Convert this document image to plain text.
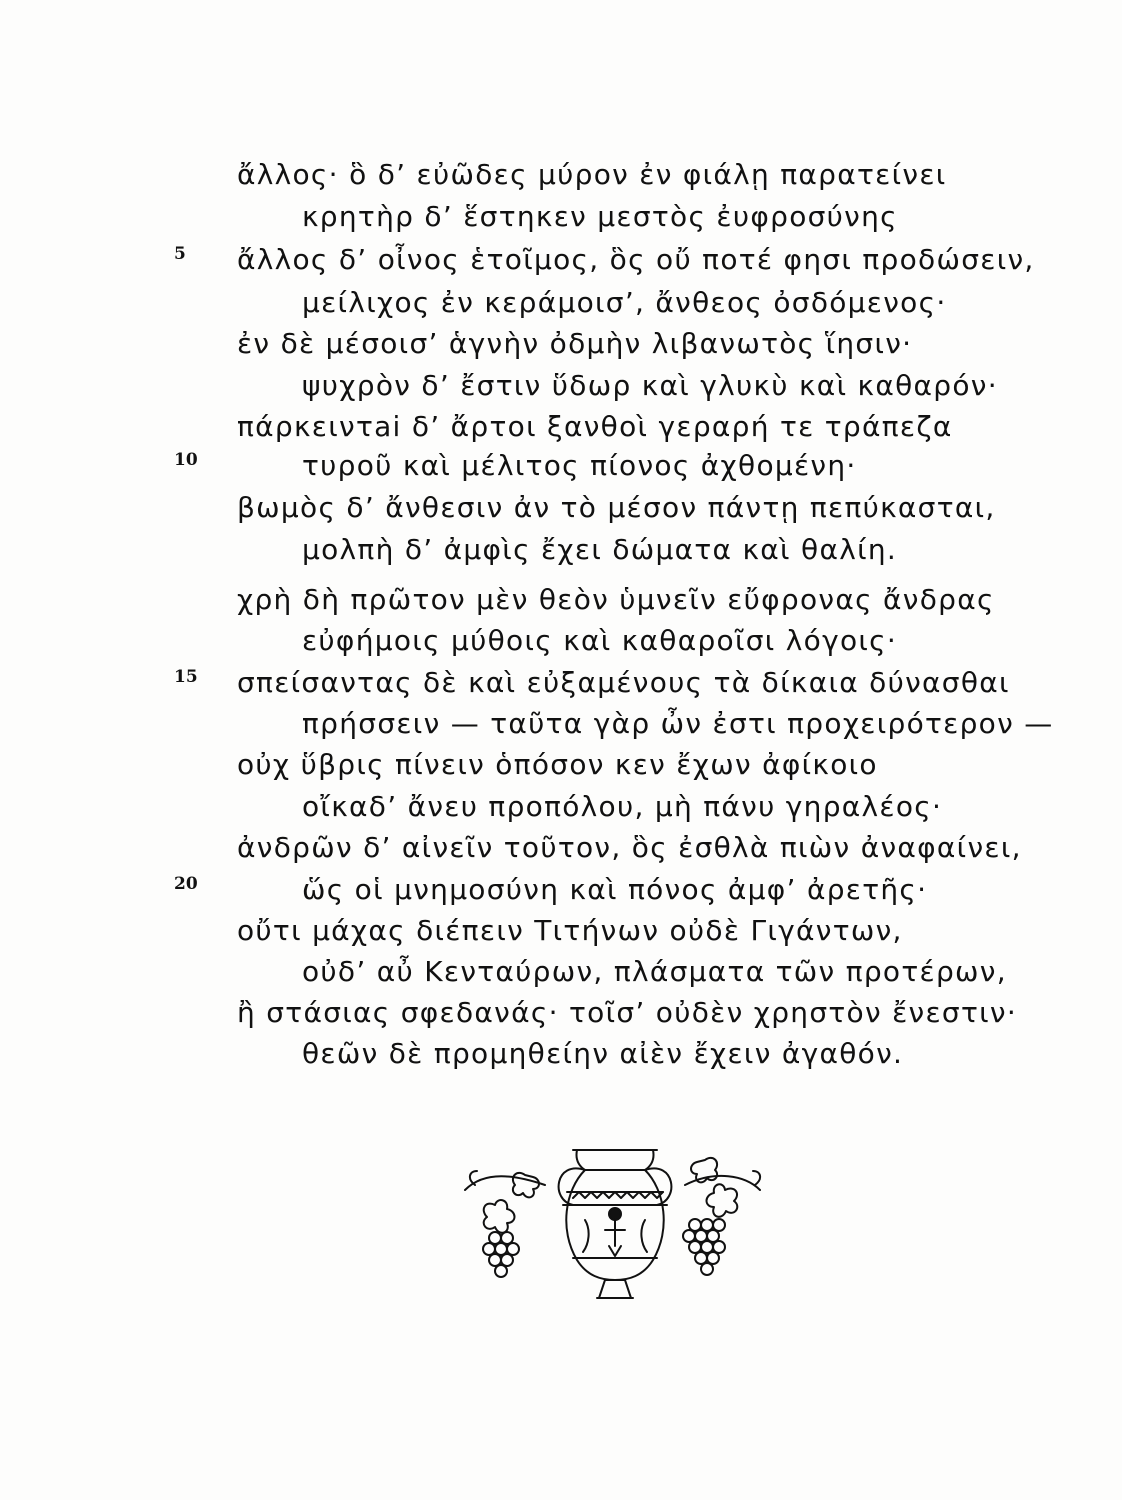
5
10
15
20
ἄλλος· ὃ δ’ εὐῶδες μύρον ἐν φιάλῃ παρατείνει
κρητὴρ δ’ ἕστηκεν μεστὸς ἐυφροσύνης
ἄλλος δ’ οἶνος ἑτοῖμος, ὃς οὔ ποτέ φησι προδώσειν,
μείλιχος ἐν κεράμοισ’, ἄνθεος ὀσδόμενος·
ἐν δὲ μέσοισ’ ἁγνὴν ὀδμὴν λιβανωτὸς ἵησιν·
ψυχρὸν δ’ ἔστιν ὕδωρ καὶ γλυκὺ καὶ καθαρόν·
πάρκειντai δ’ ἄρτοι ξανθοὶ γεραρή τε τράπεζα
τυροῦ καὶ μέλιτος πίονος ἀχθομένη·
βωμὸς δ’ ἄνθεσιν ἀν τὸ μέσον πάντῃ πεπύκασται,
μολπὴ δ’ ἀμφὶς ἔχει δώματα καὶ θαλίη.
χρὴ δὴ πρῶτον μὲν θεὸν ὑμνεῖν εὔφρονας ἄνδρας
εὐφήμοις μύθοις καὶ καθαροῖσι λόγοις·
σπείσαντας δὲ καὶ εὐξαμένους τὰ δίκαια δύνασθαι
πρήσσειν — ταῦτα γὰρ ὦν ἐστι προχειρότερον —
οὐχ ὕβρις πίνειν ὁπόσον κεν ἔχων ἀφίκοιο
οἴκαδ’ ἄνευ προπόλου, μὴ πάνυ γηραλέος·
ἀνδρῶν δ’ αἰνεῖν τοῦτον, ὃς ἐσθλὰ πιὼν ἀναφαίνει,
ὥς οἱ μνημοσύνη καὶ πόνος ἀμφ’ ἀρετῆς·
οὔτι μάχας διέπειν Τιτήνων οὐδὲ Γιγάντων,
οὐδ’ αὖ Κενταύρων, πλάσματα τῶν προτέρων,
ἢ στάσιας σφεδανάς· τοῖσ’ οὐδὲν χρηστὸν ἔνεστιν·
θεῶν δὲ προμηθείην αἰὲν ἔχειν ἀγαθόν.
